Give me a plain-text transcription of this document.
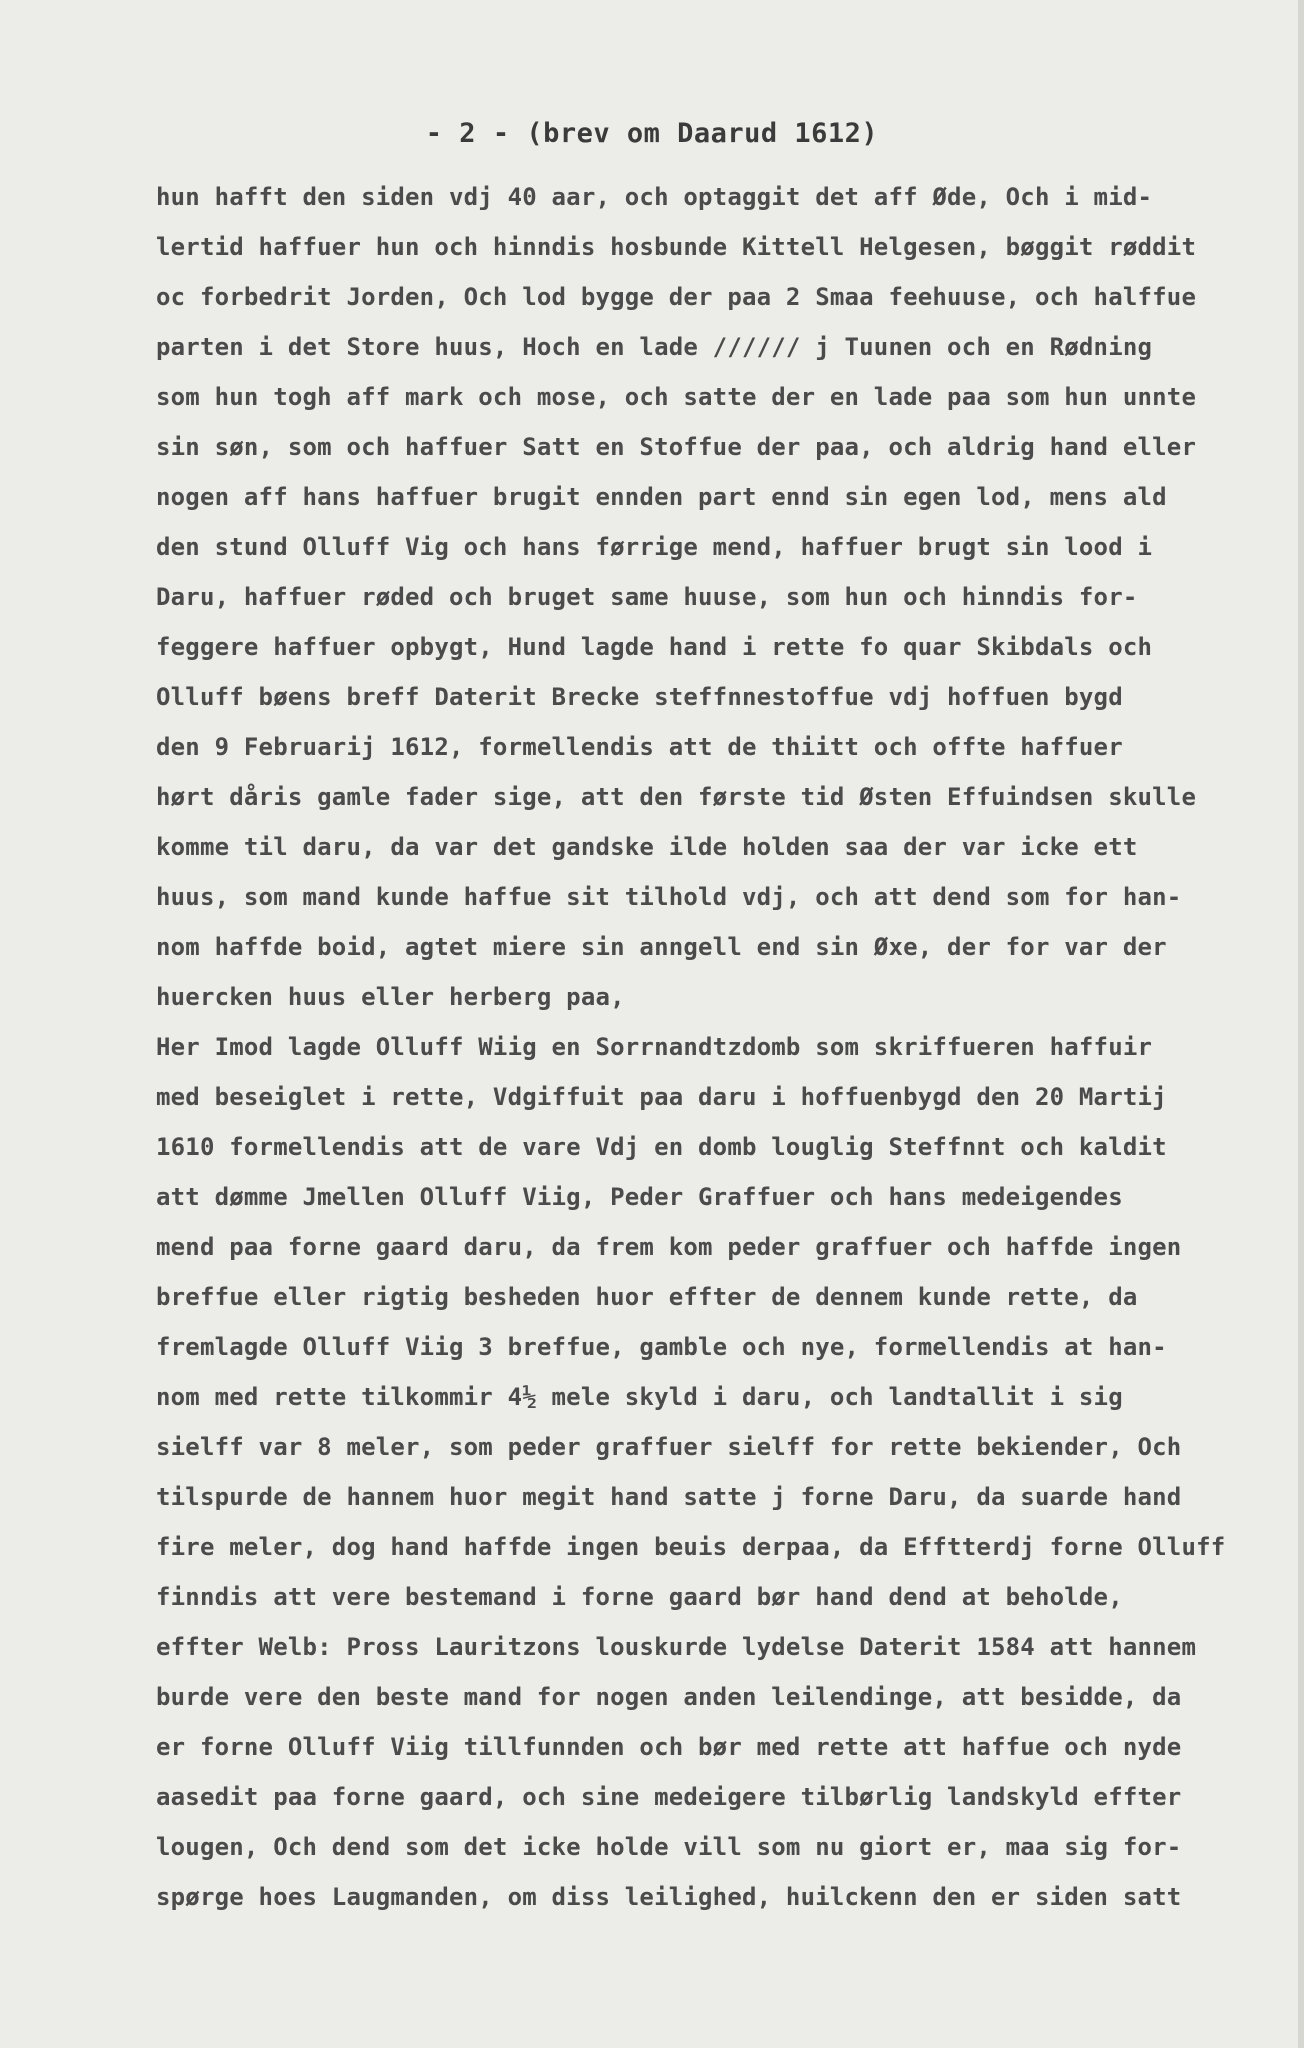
- 2 - (brev om Daarud 1612)
hun hafft den siden vdj 40 aar, och optaggit det aff Øde, Och i mid-
lertid haffuer hun och hinndis hosbunde Kittell Helgesen, bøggit røddit
oc forbedrit Jorden, Och lod bygge der paa 2 Smaa feehuuse, och halffue
parten i det Store huus, Hoch en lade ////// j Tuunen och en Rødning
som hun togh aff mark och mose, och satte der en lade paa som hun unnte
sin søn, som och haffuer Satt en Stoffue der paa, och aldrig hand eller
nogen aff hans haffuer brugit ennden part ennd sin egen lod, mens ald
den stund Olluff Vig och hans førrige mend, haffuer brugt sin lood i
Daru, haffuer røded och bruget same huuse, som hun och hinndis for-
feggere haffuer opbygt, Hund lagde hand i rette fo quar Skibdals och
Olluff bøens breff Daterit Brecke steffnnestoffue vdj hoffuen bygd
den 9 Februarij 1612, formellendis att de thiitt och offte haffuer
hørt dåris gamle fader sige, att den første tid Østen Effuindsen skulle
komme til daru, da var det gandske ilde holden saa der var icke ett
huus, som mand kunde haffue sit tilhold vdj, och att dend som for han-
nom haffde boid, agtet miere sin anngell end sin Øxe, der for var der
huercken huus eller herberg paa,
Her Imod lagde Olluff Wiig en Sorrnandtzdomb som skriffueren haffuir
med beseiglet i rette, Vdgiffuit paa daru i hoffuenbygd den 20 Martij
1610 formellendis att de vare Vdj en domb louglig Steffnnt och kaldit
att dømme Jmellen Olluff Viig, Peder Graffuer och hans medeigendes
mend paa forne gaard daru, da frem kom peder graffuer och haffde ingen
breffue eller rigtig besheden huor effter de dennem kunde rette, da
fremlagde Olluff Viig 3 breffue, gamble och nye, formellendis at han-
nom med rette tilkommir 4½ mele skyld i daru, och landtallit i sig
sielff var 8 meler, som peder graffuer sielff for rette bekiender, Och
tilspurde de hannem huor megit hand satte j forne Daru, da suarde hand
fire meler, dog hand haffde ingen beuis derpaa, da Efftterdj forne Olluff
finndis att vere bestemand i forne gaard bør hand dend at beholde,
effter Welb: Pross Lauritzons louskurde lydelse Daterit 1584 att hannem
burde vere den beste mand for nogen anden leilendinge, att besidde, da
er forne Olluff Viig tillfunnden och bør med rette att haffue och nyde
aasedit paa forne gaard, och sine medeigere tilbørlig landskyld effter
lougen, Och dend som det icke holde vill som nu giort er, maa sig for-
spørge hoes Laugmanden, om diss leilighed, huilckenn den er siden satt
